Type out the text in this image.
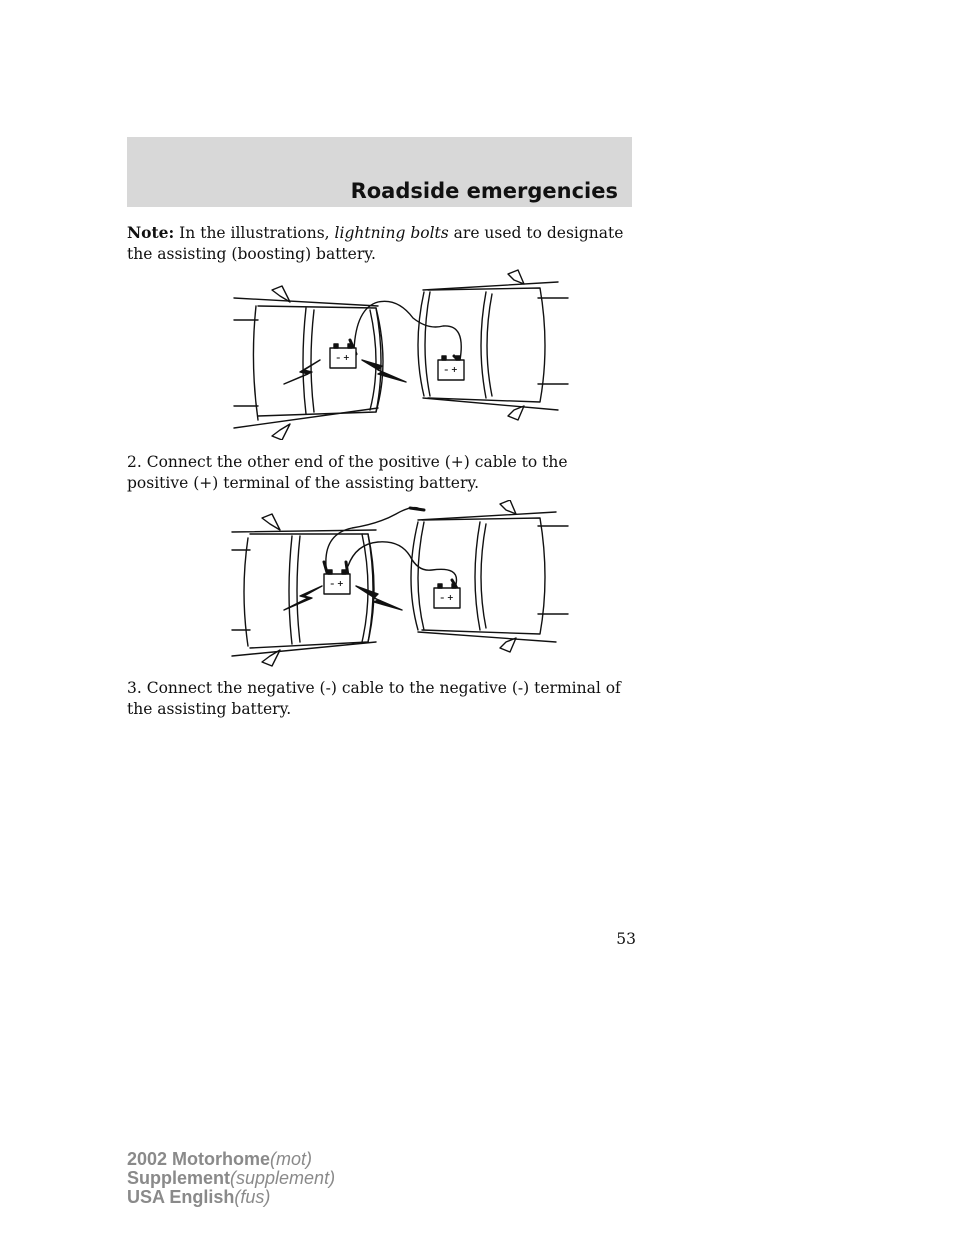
Roadside emergencies

Note: In the illustrations, lightning bolts are used to designate the assisting (boosting) battery.

– +
– +

2. Connect the other end of the positive (+) cable to the positive (+) terminal of the assisting battery.

– +
– +

3. Connect the negative (-) cable to the negative (-) terminal of the assisting battery.

53
2002 Motorhome(mot)
Supplement(supplement)
USA English(fus)
